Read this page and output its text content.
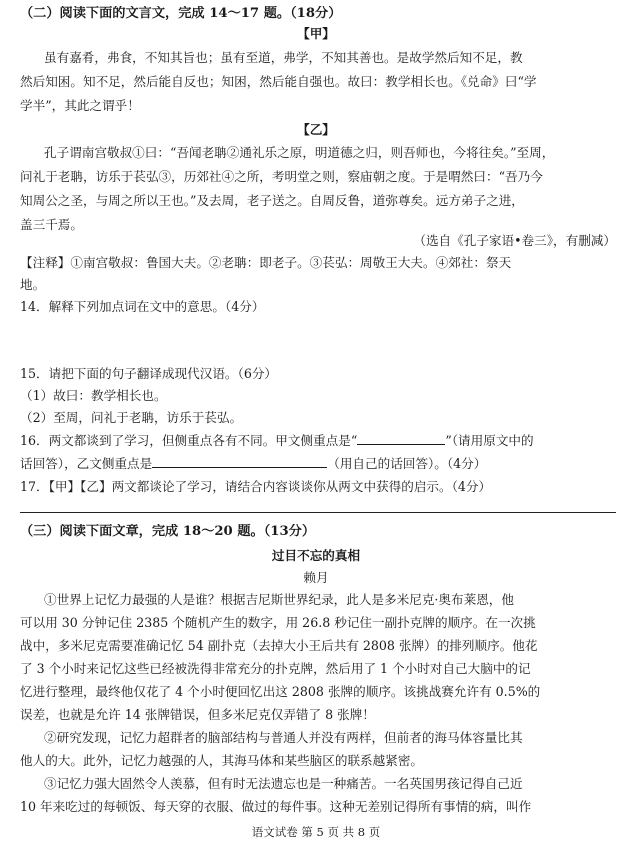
（二）阅读下面的文言文，完成 14～17 题。（18分）
【甲】
虽有嘉肴，弗食，不知其旨也；虽有至道，弗学，不知其善也。是故学然后知不足，教
然后知困。知不足，然后能自反也；知困，然后能自强也。故曰：教学相长也。《兑命》曰“学
学半”，其此之谓乎！
【乙】
孔子谓南宫敬叔①曰：“吾闻老聃②通礼乐之原，明道德之归，则吾师也，今将往矣。”至周，
问礼于老聃，访乐于苌弘③，历郊社④之所，考明堂之则，察庙朝之度。于是喟然曰：“吾乃今
知周公之圣，与周之所以王也。”及去周，老子送之。自周反鲁，道弥尊矣。远方弟子之进，
盖三千焉。
（选自《孔子家语•卷三》，有删减）
【注释】①南宫敬叔：鲁国大夫。②老聃：即老子。③苌弘：周敬王大夫。④郊社：祭天
地。
14．解释下列加点词在文中的意思。（4分）
15．请把下面的句子翻译成现代汉语。（6分）
（1）故曰：教学相长也。
（2）至周，问礼于老聃，访乐于苌弘。
16．两文都谈到了学习，但侧重点各有不同。甲文侧重点是“	”（请用原文中的
话回答），乙文侧重点是	（用自己的话回答）。（4分）
17．【甲】【乙】两文都谈论了学习，请结合内容谈谈你从两文中获得的启示。（4分）
（三）阅读下面文章，完成 18～20 题。（13分）
过目不忘的真相
赖月
①世界上记忆力最强的人是谁？根据吉尼斯世界纪录，此人是多米尼克·奥布莱恩，他
可以用 30 分钟记住 2385 个随机产生的数字，用 26.8 秒记住一副扑克牌的顺序。在一次挑
战中，多米尼克需要准确记忆 54 副扑克（去掉大小王后共有 2808 张牌）的排列顺序。他花
了 3 个小时来记忆这些已经被洗得非常充分的扑克牌，然后用了 1 个小时对自己大脑中的记
忆进行整理，最终他仅花了 4 个小时便回忆出这 2808 张牌的顺序。该挑战赛允许有 0.5%的
误差，也就是允许 14 张牌错误，但多米尼克仅弄错了 8 张牌！
②研究发现，记忆力超群者的脑部结构与普通人并没有两样，但前者的海马体容量比其
他人的大。此外，记忆力越强的人，其海马体和某些脑区的联系越紧密。
③记忆力强大固然令人羡慕，但有时无法遗忘也是一种痛苦。一名英国男孩记得自己近
10 年来吃过的每顿饭、每天穿的衣服、做过的每件事。这种无差别记得所有事情的病，叫作
语文试卷 第 5 页 共 8 页
